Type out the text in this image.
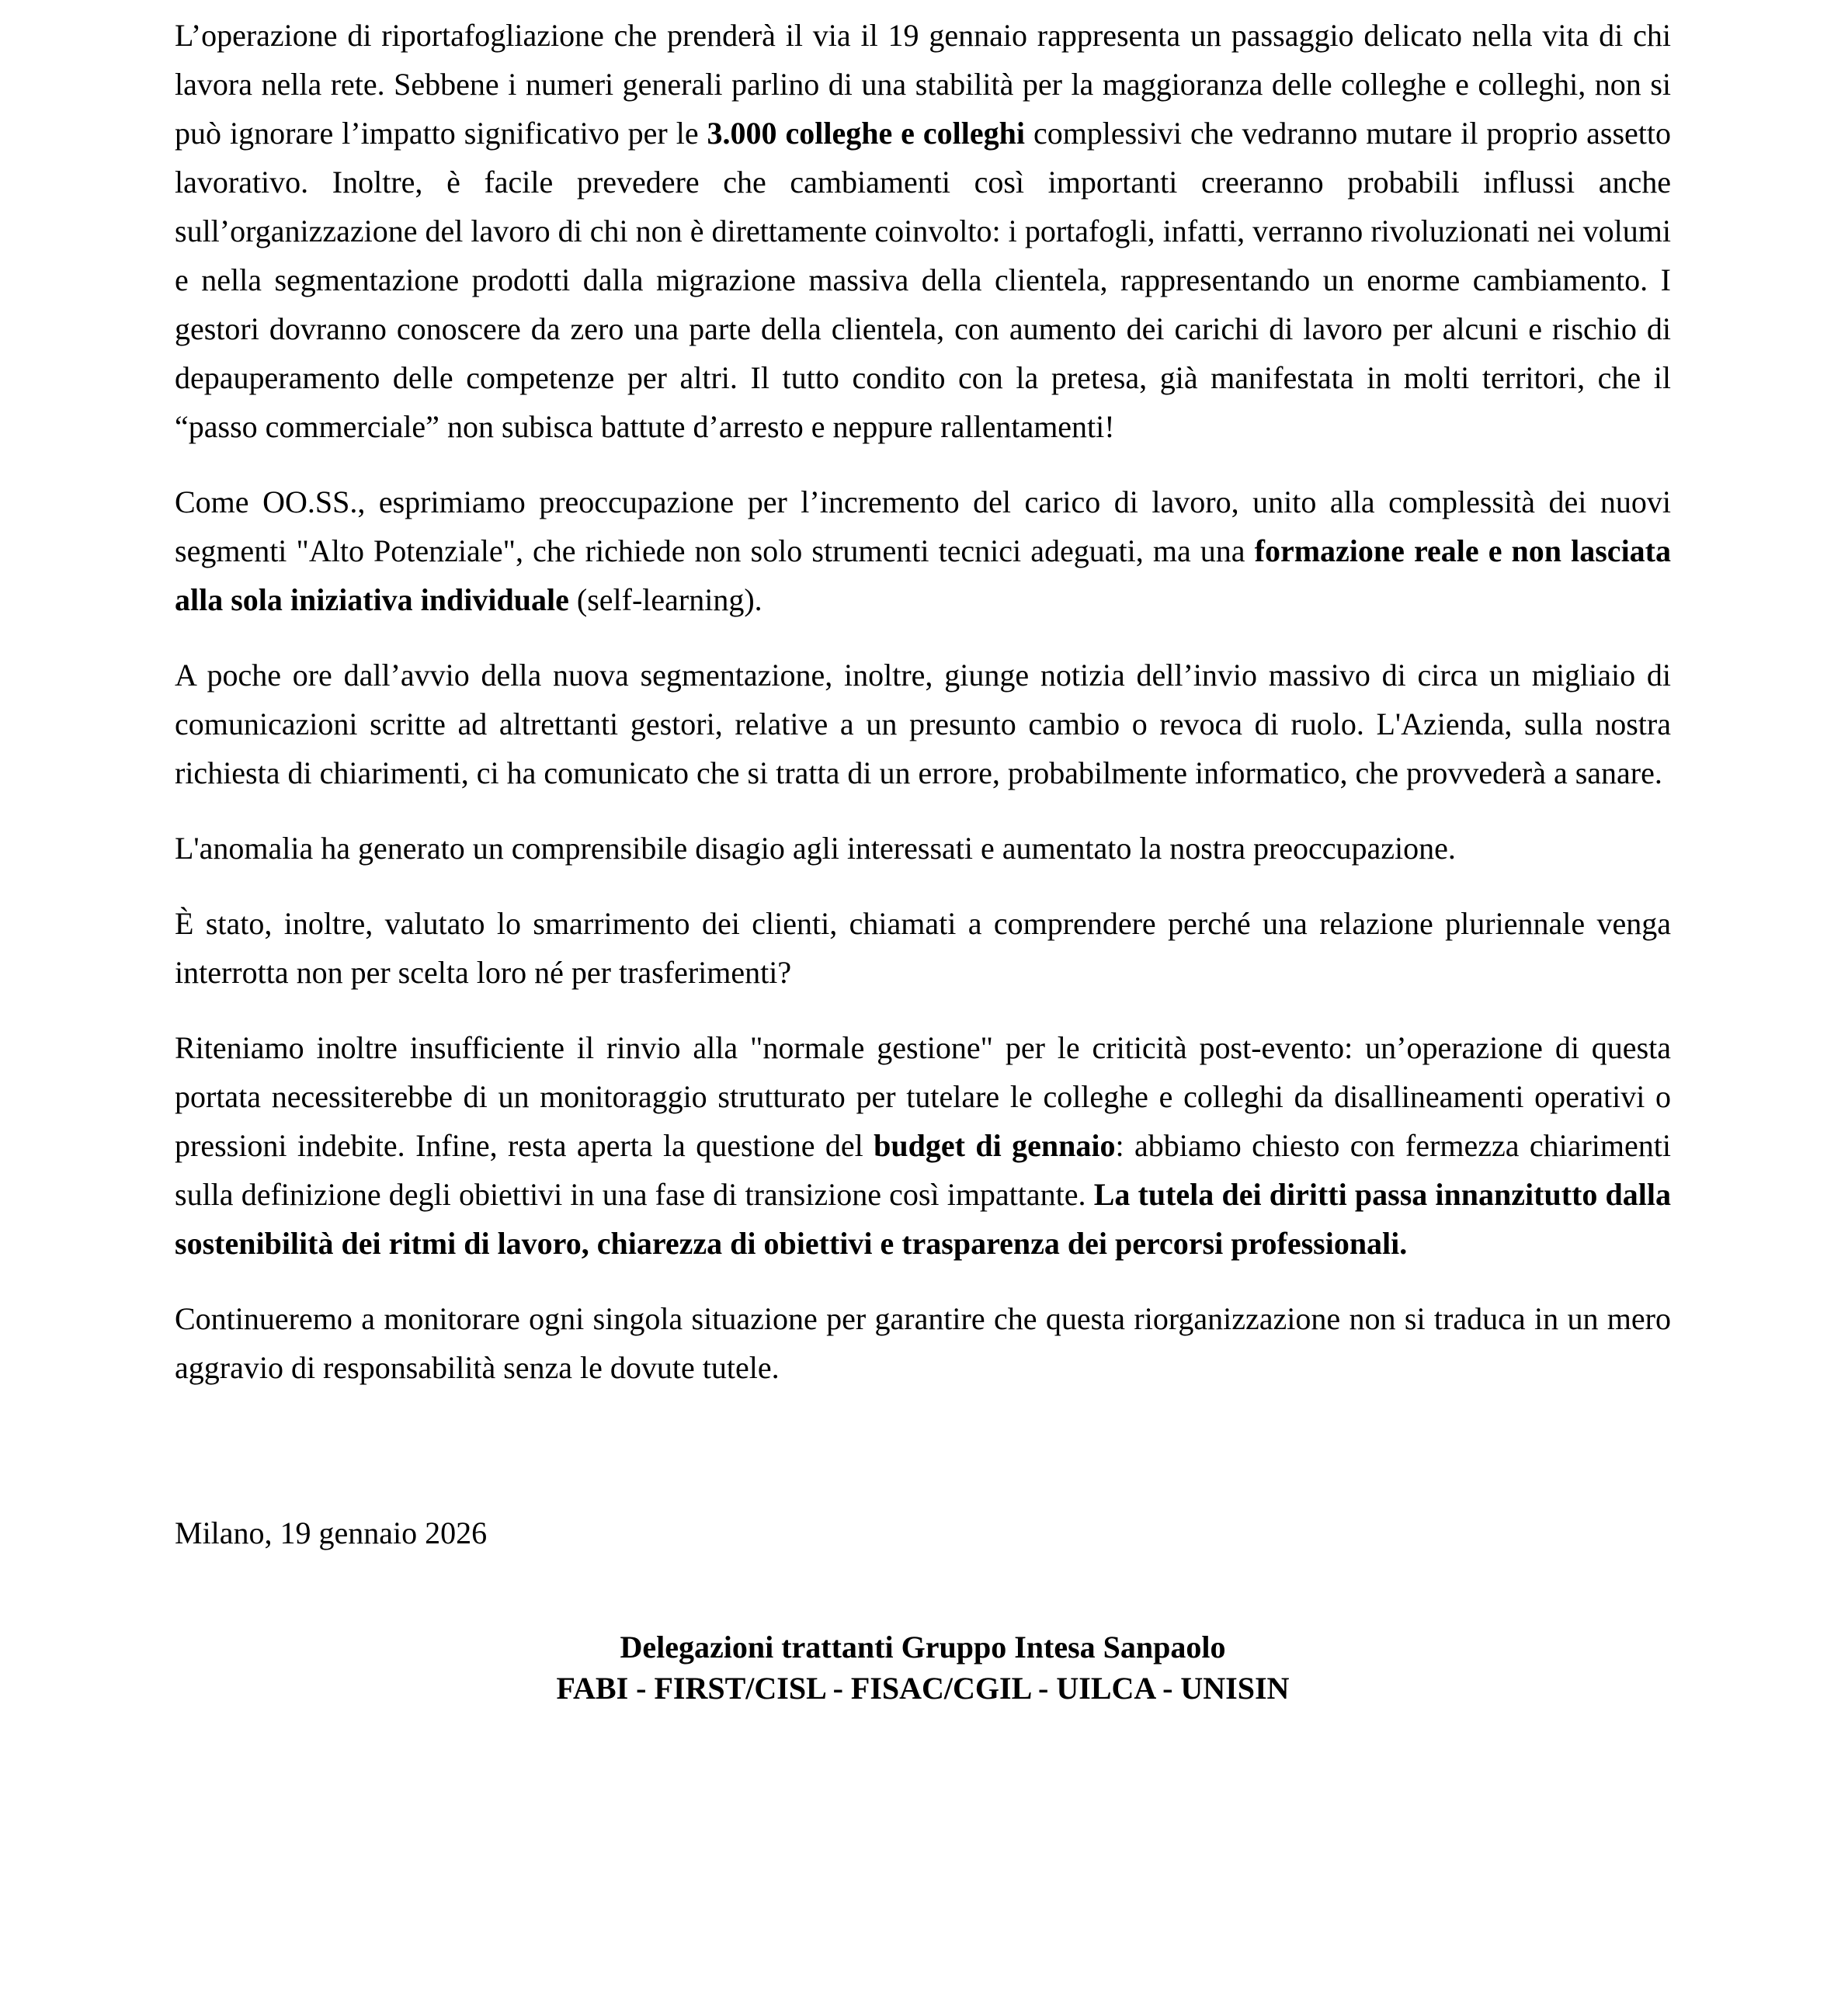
L’operazione di riportafogliazione che prenderà il via il 19 gennaio rappresenta un passaggio delicato nella vita di chi lavora nella rete. Sebbene i numeri generali parlino di una stabilità per la maggioranza delle colleghe e colleghi, non si può ignorare l’impatto significativo per le 3.000 colleghe e colleghi complessivi che vedranno mutare il proprio assetto lavorativo. Inoltre, è facile prevedere che cambiamenti così importanti creeranno probabili influssi anche sull’organizzazione del lavoro di chi non è direttamente coinvolto: i portafogli, infatti, verranno rivoluzionati nei volumi e nella segmentazione prodotti dalla migrazione massiva della clientela, rappresentando un enorme cambiamento. I gestori dovranno conoscere da zero una parte della clientela, con aumento dei carichi di lavoro per alcuni e rischio di depauperamento delle competenze per altri. Il tutto condito con la pretesa, già manifestata in molti territori, che il “passo commerciale” non subisca battute d’arresto e neppure rallentamenti!

Come OO.SS., esprimiamo preoccupazione per l’incremento del carico di lavoro, unito alla complessità dei nuovi segmenti "Alto Potenziale", che richiede non solo strumenti tecnici adeguati, ma una formazione reale e non lasciata alla sola iniziativa individuale (self-learning).

A poche ore dall’avvio della nuova segmentazione, inoltre, giunge notizia dell’invio massivo di circa un migliaio di comunicazioni scritte ad altrettanti gestori, relative a un presunto cambio o revoca di ruolo. L'Azienda, sulla nostra richiesta di chiarimenti, ci ha comunicato che si tratta di un errore, probabilmente informatico, che provvederà a sanare.

L'anomalia ha generato un comprensibile disagio agli interessati e aumentato la nostra preoccupazione.

È stato, inoltre, valutato lo smarrimento dei clienti, chiamati a comprendere perché una relazione pluriennale venga interrotta non per scelta loro né per trasferimenti?

Riteniamo inoltre insufficiente il rinvio alla "normale gestione" per le criticità post-evento: un’operazione di questa portata necessiterebbe di un monitoraggio strutturato per tutelare le colleghe e colleghi da disallineamenti operativi o pressioni indebite. Infine, resta aperta la questione del budget di gennaio: abbiamo chiesto con fermezza chiarimenti sulla definizione degli obiettivi in una fase di transizione così impattante. La tutela dei diritti passa innanzitutto dalla sostenibilità dei ritmi di lavoro, chiarezza di obiettivi e trasparenza dei percorsi professionali.

Continueremo a monitorare ogni singola situazione per garantire che questa riorganizzazione non si traduca in un mero aggravio di responsabilità senza le dovute tutele.

Milano, 19 gennaio 2026

Delegazioni trattanti Gruppo Intesa Sanpaolo
FABI - FIRST/CISL - FISAC/CGIL - UILCA - UNISIN
